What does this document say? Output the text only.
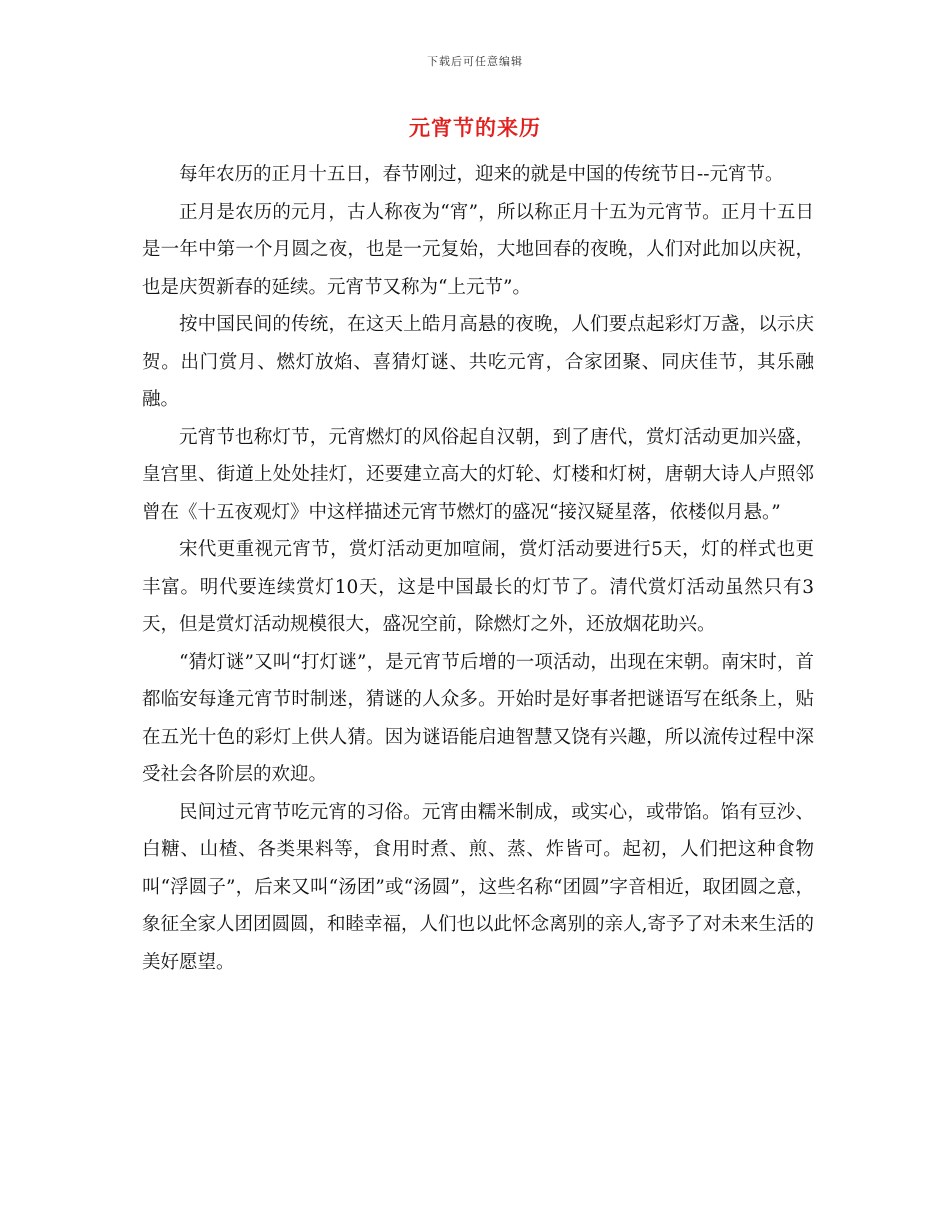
下载后可任意编辑
元宵节的来历

每年农历的正月十五日，春节刚过，迎来的就是中国的传统节日--元宵节。

正月是农历的元月，古人称夜为“宵”，所以称正月十五为元宵节。正月十五日是一年中第一个月圆之夜，也是一元复始，大地回春的夜晚，人们对此加以庆祝，也是庆贺新春的延续。元宵节又称为“上元节”。

按中国民间的传统，在这天上皓月高悬的夜晚，人们要点起彩灯万盏，以示庆贺。出门赏月、燃灯放焰、喜猜灯谜、共吃元宵，合家团聚、同庆佳节，其乐融融。

元宵节也称灯节，元宵燃灯的风俗起自汉朝，到了唐代，赏灯活动更加兴盛，皇宫里、街道上处处挂灯，还要建立高大的灯轮、灯楼和灯树，唐朝大诗人卢照邻曾在《十五夜观灯》中这样描述元宵节燃灯的盛况“接汉疑星落，依楼似月悬。”

宋代更重视元宵节，赏灯活动更加喧闹，赏灯活动要进行5天，灯的样式也更丰富。明代要连续赏灯10天，这是中国最长的灯节了。清代赏灯活动虽然只有3天，但是赏灯活动规模很大，盛况空前，除燃灯之外，还放烟花助兴。

“猜灯谜”又叫“打灯谜”，是元宵节后增的一项活动，出现在宋朝。南宋时，首都临安每逢元宵节时制迷，猜谜的人众多。开始时是好事者把谜语写在纸条上，贴在五光十色的彩灯上供人猜。因为谜语能启迪智慧又饶有兴趣，所以流传过程中深受社会各阶层的欢迎。

民间过元宵节吃元宵的习俗。元宵由糯米制成，或实心，或带馅。馅有豆沙、白糖、山楂、各类果料等，食用时煮、煎、蒸、炸皆可。起初，人们把这种食物叫“浮圆子”，后来又叫“汤团”或“汤圆”，这些名称“团圆”字音相近，取团圆之意，象征全家人团团圆圆，和睦幸福，人们也以此怀念离别的亲人,寄予了对未来生活的美好愿望。
